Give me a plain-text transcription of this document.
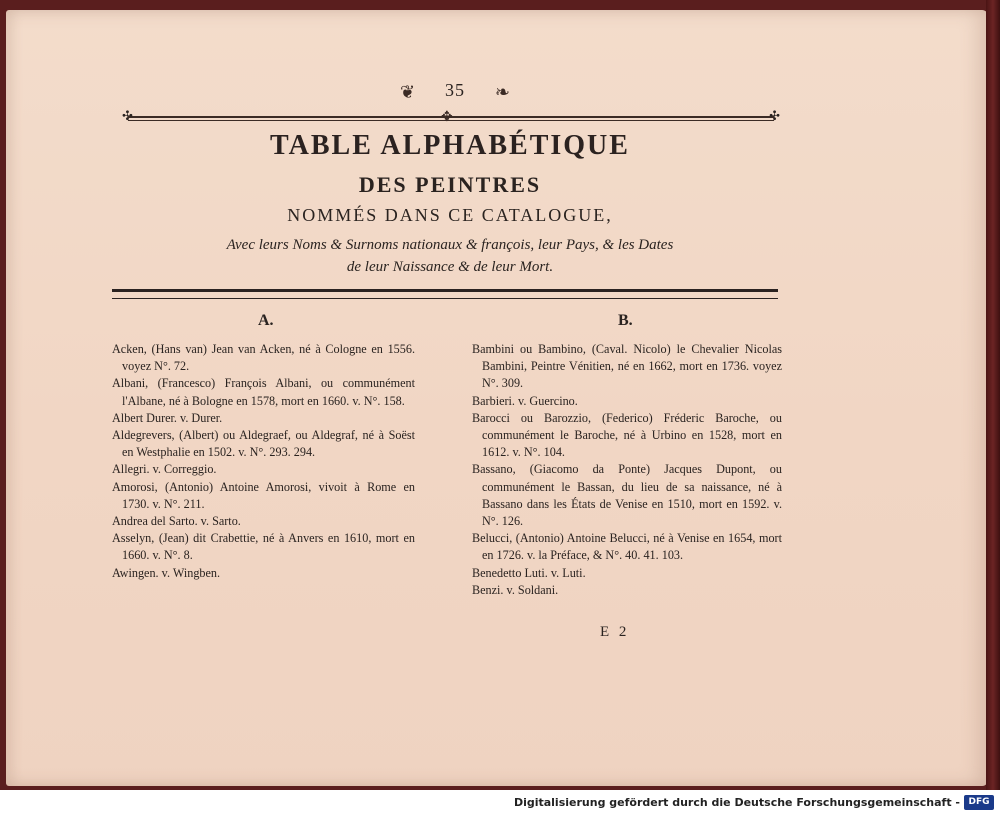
❦ 35 ❧
✣	✥	✣
TABLE ALPHABÉTIQUE
DES PEINTRES
NOMMÉS DANS CE CATALOGUE,
Avec leurs Noms & Surnoms nationaux & françois, leur Pays, & les Dates
de leur Naissance & de leur Mort.
A.	B.

Acken, (Hans van) Jean van Acken, né à Cologne en 1556. voyez N°. 72.

Albani, (Francesco) François Albani, ou communément l'Albane, né à Bologne en 1578, mort en 1660. v. N°. 158.

Albert Durer. v. Durer.

Aldegrevers, (Albert) ou Aldegraef, ou Aldegraf, né à Soëst en Westphalie en 1502. v. N°. 293. 294.

Allegri. v. Correggio.

Amorosi, (Antonio) Antoine Amorosi, vivoit à Rome en 1730. v. N°. 211.

Andrea del Sarto. v. Sarto.

Asselyn, (Jean) dit Crabettie, né à Anvers en 1610, mort en 1660. v. N°. 8.

Awingen. v. Wingben.

Bambini ou Bambino, (Caval. Nicolo) le Chevalier Nicolas Bambini, Peintre Vénitien, né en 1662, mort en 1736. voyez N°. 309.

Barbieri. v. Guercino.

Barocci ou Barozzio, (Federico) Fréderic Baroche, ou communément le Baroche, né à Urbino en 1528, mort en 1612. v. N°. 104.

Bassano, (Giacomo da Ponte) Jacques Dupont, ou communément le Bassan, du lieu de sa naissance, né à Bassano dans les États de Venise en 1510, mort en 1592. v. N°. 126.

Belucci, (Antonio) Antoine Belucci, né à Venise en 1654, mort en 1726. v. la Préface, & N°. 40. 41. 103.

Benedetto Luti. v. Luti.

Benzi. v. Soldani.

E 2
Digitalisierung gefördert durch die Deutsche Forschungsgemeinschaft - DFG
